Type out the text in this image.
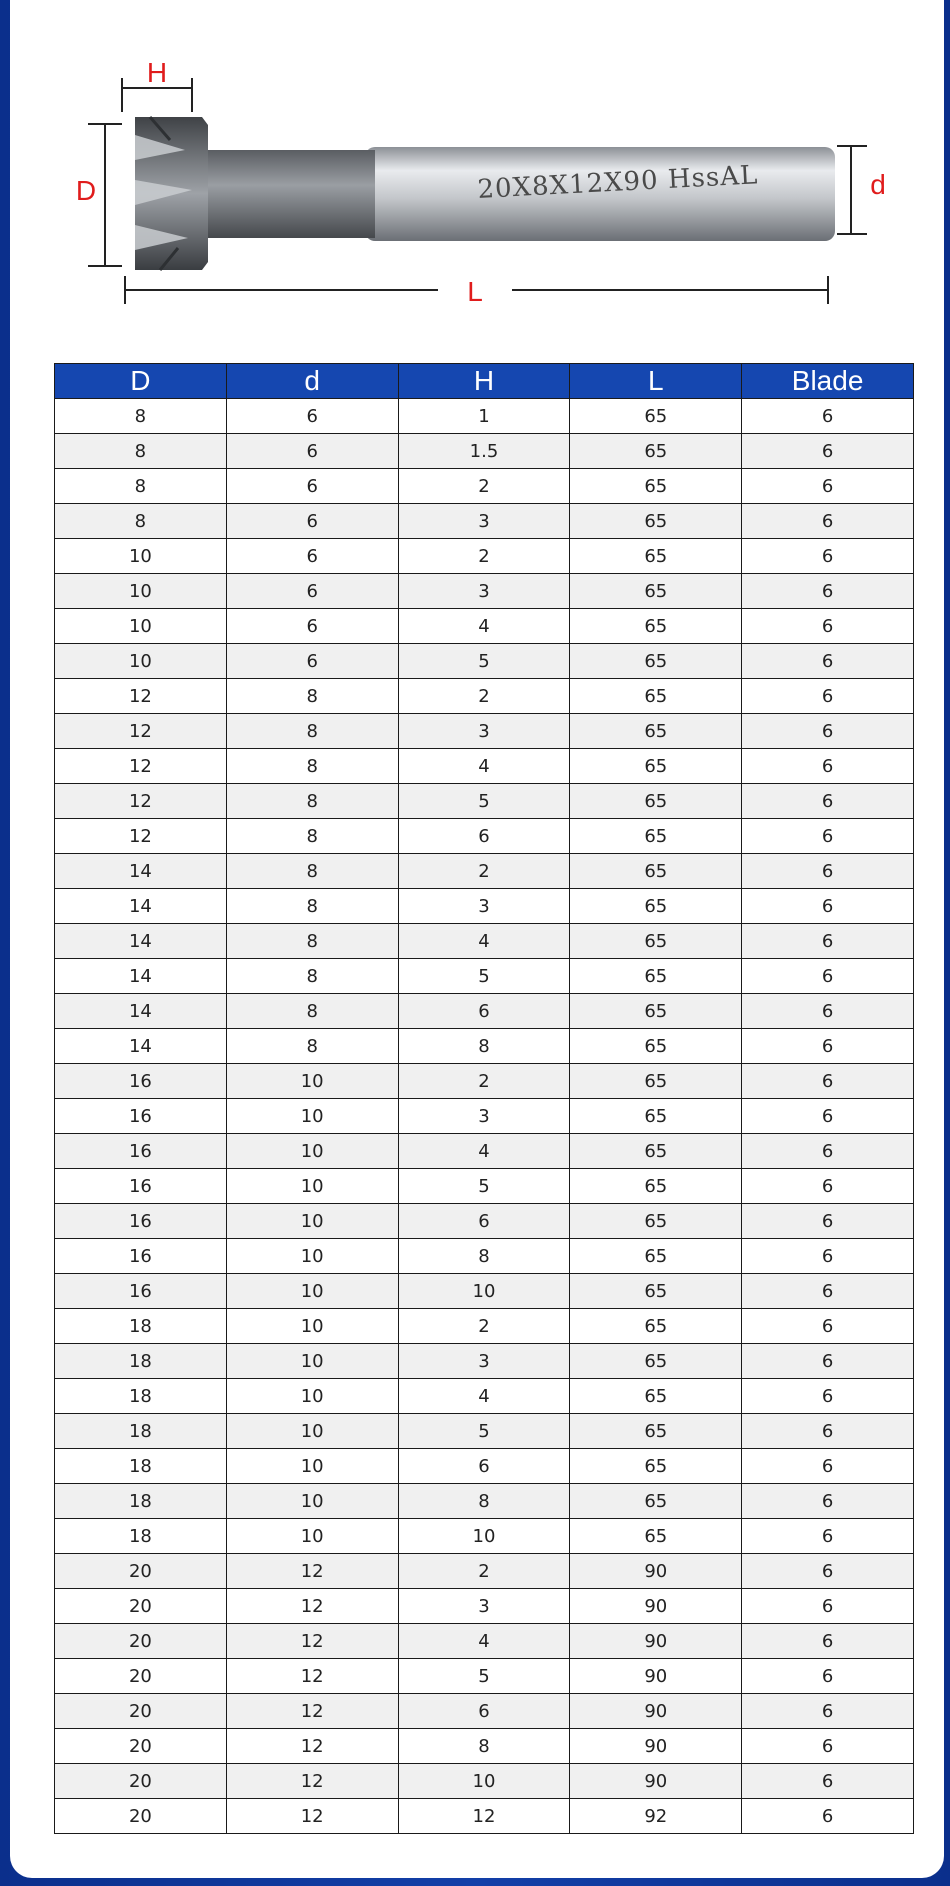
20X8X12X90 HssAL
H
D	d
L
D	d	H	L	Blade
8	6	1	65	6
8	6	1.5	65	6
8	6	2	65	6
8	6	3	65	6
10	6	2	65	6
10	6	3	65	6
10	6	4	65	6
10	6	5	65	6
12	8	2	65	6
12	8	3	65	6
12	8	4	65	6
12	8	5	65	6
12	8	6	65	6
14	8	2	65	6
14	8	3	65	6
14	8	4	65	6
14	8	5	65	6
14	8	6	65	6
14	8	8	65	6
16	10	2	65	6
16	10	3	65	6
16	10	4	65	6
16	10	5	65	6
16	10	6	65	6
16	10	8	65	6
16	10	10	65	6
18	10	2	65	6
18	10	3	65	6
18	10	4	65	6
18	10	5	65	6
18	10	6	65	6
18	10	8	65	6
18	10	10	65	6
20	12	2	90	6
20	12	3	90	6
20	12	4	90	6
20	12	5	90	6
20	12	6	90	6
20	12	8	90	6
20	12	10	90	6
20	12	12	92	6
